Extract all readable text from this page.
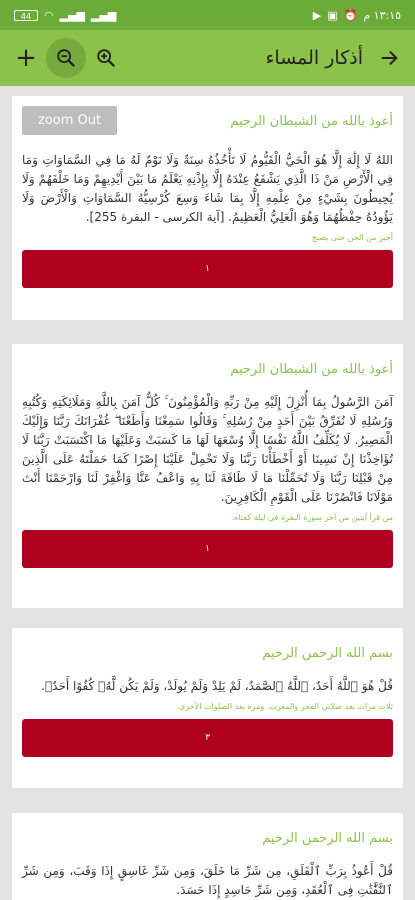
44	◠ ▂▄▆ ▂▄▆	▶ ▣ ⏰ ١٣:١٥ م
+	أذكار المساء
zoom Out	أعوذ بالله من الشيطان الرجيم
اللهُ لَا إِلَٰهَ إِلَّا هُوَ الْحَيُّ الْقَيُّومُ لَا تَأْخُذُهُ سِنَةٌ وَلَا نَوْمٌ لَهُ مَا فِي السَّمَاوَاتِ وَمَا فِي الْأَرْضِ مَنْ ذَا الَّذِي يَشْفَعُ عِنْدَهُ إِلَّا بِإِذْنِهِ يَعْلَمُ مَا بَيْنَ أَيْدِيهِمْ وَمَا خَلْفَهُمْ وَلَا يُحِيطُونَ بِشَيْءٍ مِنْ عِلْمِهِ إِلَّا بِمَا شَاءَ وَسِعَ كُرْسِيُّهُ السَّمَاوَاتِ وَالْأَرْضَ وَلَا يَؤُودُهُ حِفْظُهُمَا وَهُوَ الْعَلِيُّ الْعَظِيمُ. [آية الكرسى - البقرة 255].
أجير من الجن حتى يصبح
١
أعوذ بالله من الشيطان الرجيم
آمَنَ الرَّسُولُ بِمَا أُنْزِلَ إِلَيْهِ مِنْ رَبِّهِ وَالْمُؤْمِنُونَ ۚ كُلٌّ آمَنَ بِاللَّهِ وَمَلَائِكَتِهِ وَكُتُبِهِ وَرُسُلِهِ لَا نُفَرِّقُ بَيْنَ أَحَدٍ مِنْ رُسُلِهِ ۚ وَقَالُوا سَمِعْنَا وَأَطَعْنَا ۖ غُفْرَانَكَ رَبَّنَا وَإِلَيْكَ الْمَصِيرُ. لَا يُكَلِّفُ اللَّهُ نَفْسًا إِلَّا وُسْعَهَا لَهَا مَا كَسَبَتْ وَعَلَيْهَا مَا اكْتَسَبَتْ رَبَّنَا لَا تُؤَاخِذْنَا إِنْ نَسِينَا أَوْ أَخْطَأْنَا رَبَّنَا وَلَا تَحْمِلْ عَلَيْنَا إِصْرًا كَمَا حَمَلْتَهُ عَلَى الَّذِينَ مِنْ قَبْلِنَا رَبَّنَا وَلَا تُحَمِّلْنَا مَا لَا طَاقَةَ لَنَا بِهِ وَاعْفُ عَنَّا وَاغْفِرْ لَنَا وَارْحَمْنَا أَنْتَ مَوْلَانَا فَانْصُرْنَا عَلَى الْقَوْمِ الْكَافِرِينَ.
من قرأ آيتين من آخر سورة البقرة في ليلة كفتاه.
١
بسم الله الرحمن الرحيم
قُلْ هُوَ ٱللَّهُ أَحَدٌ، ٱللَّهُ ٱلصَّمَدُ، لَمْ يَلِدْ وَلَمْ يُولَدْ، وَلَمْ يَكُن لَّهُۥ كُفُوًا أَحَدٌۢ.
ثلاث مرات بعد صلاتي الفجر والمغرب. ومرة بعد الصلوات الأخرى.
٣
بسم الله الرحمن الرحيم
قُلْ أَعُوذُ بِرَبِّ ٱلْفَلَقِ، مِن شَرِّ مَا خَلَقَ، وَمِن شَرِّ غَاسِقٍ إِذَا وَقَبَ، وَمِن شَرِّ ٱلنَّفَّٰثَٰتِ فِى ٱلْعُقَدِ، وَمِن شَرِّ حَاسِدٍ إِذَا حَسَدَ.
